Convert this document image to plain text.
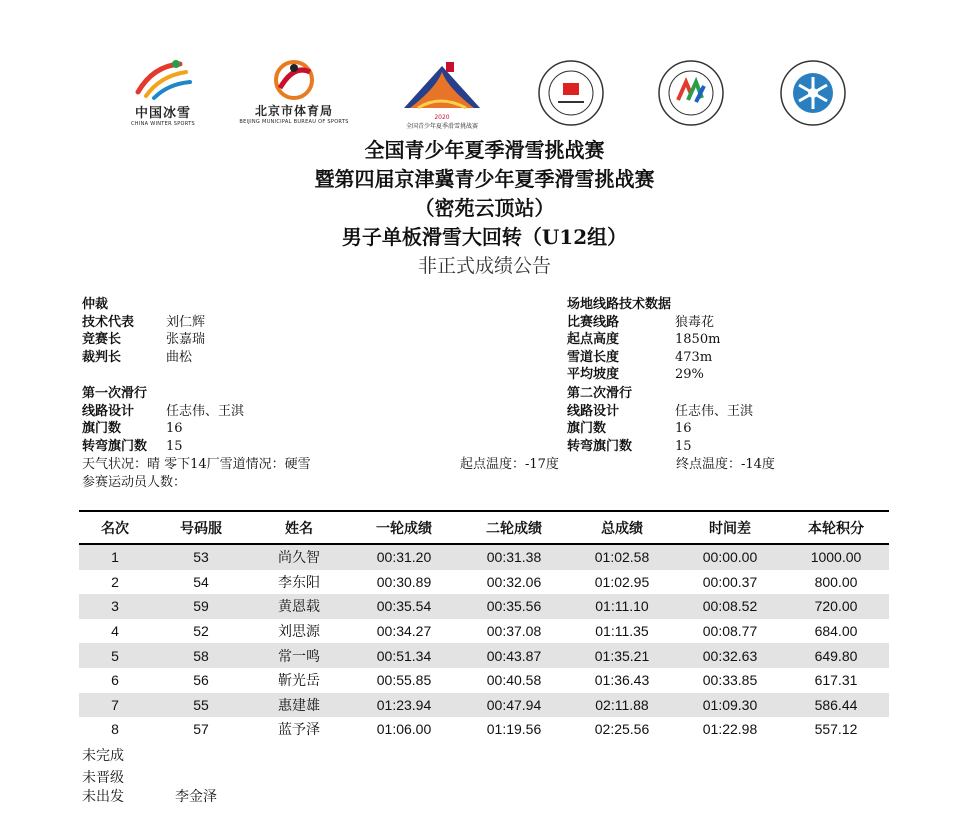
中国冰雪
CHINA WINTER SPORTS
北京市体育局
BEIJING MUNICIPAL BUREAU OF SPORTS
2020
全国青少年夏季滑雪挑战赛
全国青少年夏季滑雪挑战赛
暨第四届京津冀青少年夏季滑雪挑战赛
（密苑云顶站）
男子单板滑雪大回转（U12组）
非正式成绩公告
仲裁
技术代表 刘仁辉
竞赛长	张嘉瑞
裁判长	曲松
场地线路技术数据
比赛线路	狼毒花
起点高度	1850m
雪道长度	473m
平均坡度	29%
第一次滑行
线路设计 任志伟、王淇
旗门数	16
转弯旗门数 15
第二次滑行
线路设计	任志伟、王淇
旗门数	16
转弯旗门数	15
天气状况：晴 零下14厂雪道情况：硬雪	起点温度：-17度	终点温度：-14度
参赛运动员人数：
名次	号码服	姓名	一轮成绩	二轮成绩	总成绩	时间差	本轮积分
1	53	尚久智	00:31.20	00:31.38	01:02.58	00:00.00	1000.00
2	54	李东阳	00:30.89	00:32.06	01:02.95	00:00.37	800.00
3	59	黄恩载	00:35.54	00:35.56	01:11.10	00:08.52	720.00
4	52	刘思源	00:34.27	00:37.08	01:11.35	00:08.77	684.00
5	58	常一鸣	00:51.34	00:43.87	01:35.21	00:32.63	649.80
6	56	靳光岳	00:55.85	00:40.58	01:36.43	00:33.85	617.31
7	55	惠建雄	01:23.94	00:47.94	02:11.88	01:09.30	586.44
8	57	蓝予泽	01:06.00	01:19.56	02:25.56	01:22.98	557.12
未完成
未晋级
未出发	李金泽
